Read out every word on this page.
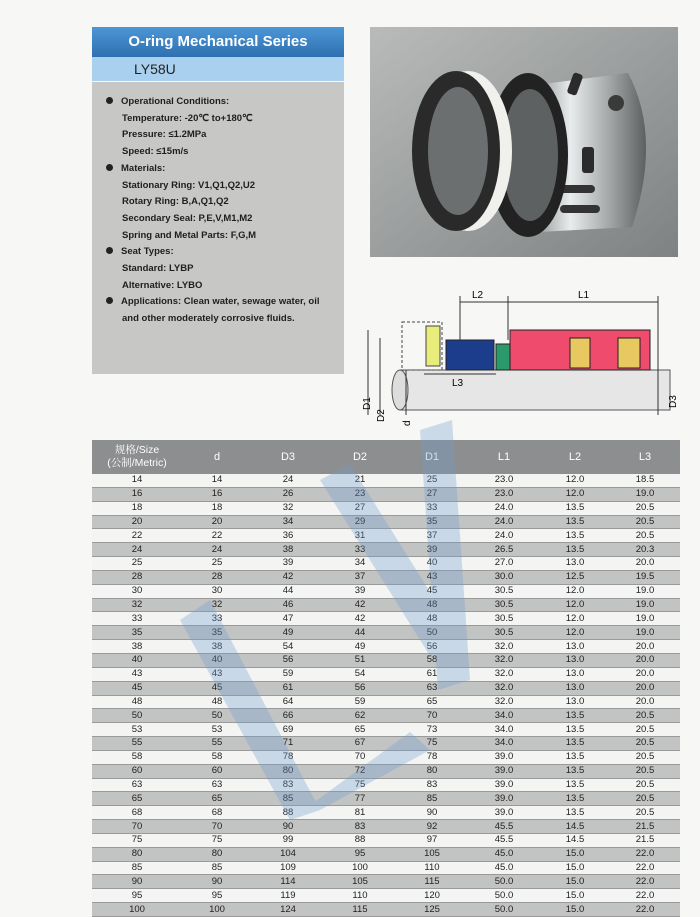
O-ring Mechanical Series
LY58U
Operational Conditions:
Temperature: -20℃ to+180℃
Pressure: ≤1.2MPa
Speed: ≤15m/s
Materials:
Stationary Ring: V1,Q1,Q2,U2
Rotary Ring: B,A,Q1,Q2
Secondary Seal: P,E,V,M1,M2
Spring and Metal Parts: F,G,M
Seat Types:
Standard: LYBP
Alternative: LYBO
Applications: Clean water, sewage water, oil
and other moderately corrosive fluids.
L2	L1
L3
D1
D2
d
D3
规格/Size
(公制/Metric)	d	D3	D2	D1	L1	L2	L3
14	14	24	21	25	23.0	12.0	18.5
16	16	26	23	27	23.0	12.0	19.0
18	18	32	27	33	24.0	13.5	20.5
20	20	34	29	35	24.0	13.5	20.5
22	22	36	31	37	24.0	13.5	20.5
24	24	38	33	39	26.5	13.5	20.3
25	25	39	34	40	27.0	13.0	20.0
28	28	42	37	43	30.0	12.5	19.5
30	30	44	39	45	30.5	12.0	19.0
32	32	46	42	48	30.5	12.0	19.0
33	33	47	42	48	30.5	12.0	19.0
35	35	49	44	50	30.5	12.0	19.0
38	38	54	49	56	32.0	13.0	20.0
40	40	56	51	58	32.0	13.0	20.0
43	43	59	54	61	32.0	13.0	20.0
45	45	61	56	63	32.0	13.0	20.0
48	48	64	59	65	32.0	13.0	20.0
50	50	66	62	70	34.0	13.5	20.5
53	53	69	65	73	34.0	13.5	20.5
55	55	71	67	75	34.0	13.5	20.5
58	58	78	70	78	39.0	13.5	20.5
60	60	80	72	80	39.0	13.5	20.5
63	63	83	75	83	39.0	13.5	20.5
65	65	85	77	85	39.0	13.5	20.5
68	68	88	81	90	39.0	13.5	20.5
70	70	90	83	92	45.5	14.5	21.5
75	75	99	88	97	45.5	14.5	21.5
80	80	104	95	105	45.0	15.0	22.0
85	85	109	100	110	45.0	15.0	22.0
90	90	114	105	115	50.0	15.0	22.0
95	95	119	110	120	50.0	15.0	22.0
100	100	124	115	125	50.0	15.0	22.0
